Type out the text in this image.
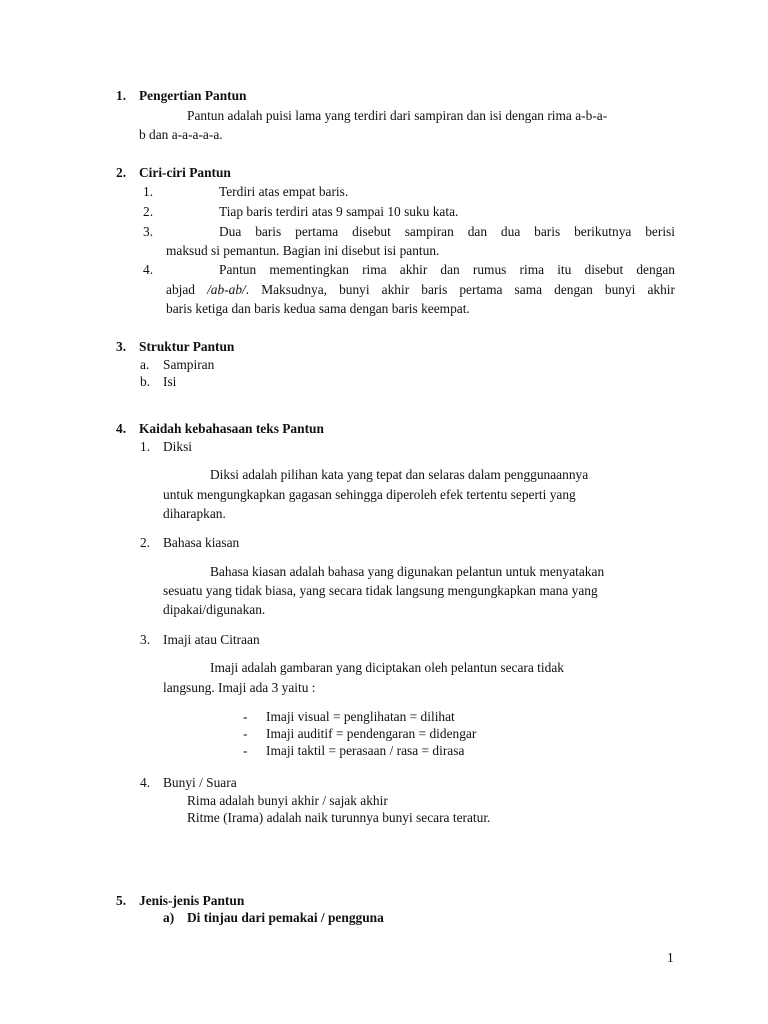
1. Pengertian Pantun
Pantun adalah puisi lama yang terdiri dari sampiran dan isi dengan rima a-b-a-
b dan a-a-a-a-a.
2. Ciri-ciri Pantun
1.	Terdiri atas empat baris.
2.	Tiap baris terdiri atas 9 sampai 10 suku kata.
3.	Dua baris pertama disebut sampiran dan dua baris berikutnya berisi
maksud si pemantun. Bagian ini disebut isi pantun.
4.	Pantun mementingkan rima akhir dan rumus rima itu disebut dengan
abjad /ab-ab/. Maksudnya, bunyi akhir baris pertama sama dengan bunyi akhir
baris ketiga dan baris kedua sama dengan baris keempat.
3. Struktur Pantun
a. Sampiran
b. Isi
4. Kaidah kebahasaan teks Pantun
1. Diksi
Diksi adalah pilihan kata yang tepat dan selaras dalam penggunaannya
untuk mengungkapkan gagasan sehingga diperoleh efek tertentu seperti yang
diharapkan.
2. Bahasa kiasan
Bahasa kiasan adalah bahasa yang digunakan pelantun untuk menyatakan
sesuatu yang tidak biasa, yang secara tidak langsung mengungkapkan mana yang
dipakai/digunakan.
3. Imaji atau Citraan
Imaji adalah gambaran yang diciptakan oleh pelantun secara tidak
langsung. Imaji ada 3 yaitu :
- Imaji visual = penglihatan = dilihat
- Imaji auditif = pendengaran = didengar
- Imaji taktil = perasaan / rasa = dirasa
4. Bunyi / Suara
Rima adalah bunyi akhir / sajak akhir
Ritme (Irama) adalah naik turunnya bunyi secara teratur.
5. Jenis-jenis Pantun
a) Di tinjau dari pemakai / pengguna
1
